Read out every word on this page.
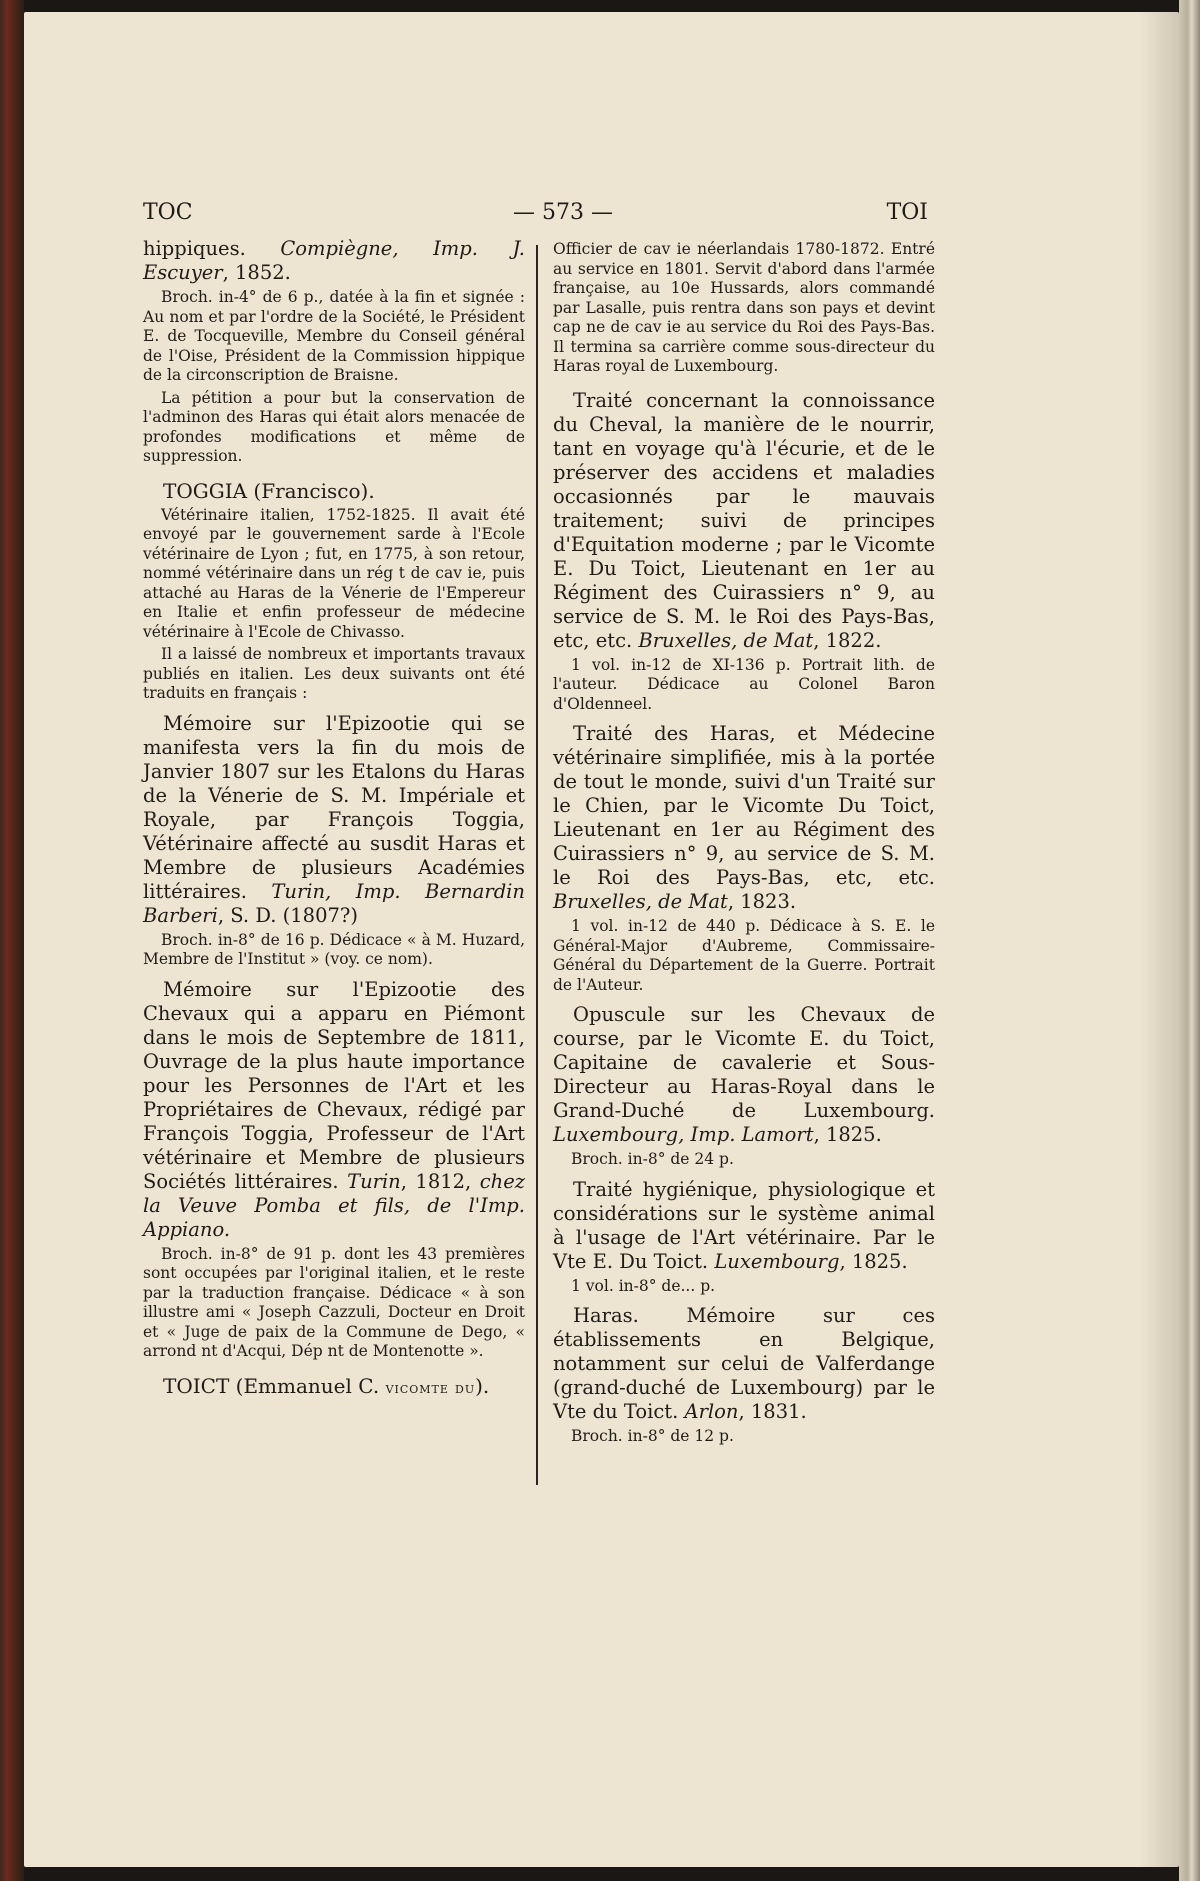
TOC	— 573 —	TOI

hippiques. Compiègne, Imp. J. Escuyer, 1852.

Broch. in-4° de 6 p., datée à la fin et signée : Au nom et par l'ordre de la Société, le Président E. de Tocqueville, Membre du Conseil général de l'Oise, Président de la Commission hippique de la circonscription de Braisne.

La pétition a pour but la conservation de l'adminon des Haras qui était alors menacée de profondes modifications et même de suppression.

TOGGIA (Francisco).

Vétérinaire italien, 1752-1825. Il avait été envoyé par le gouvernement sarde à l'Ecole vétérinaire de Lyon ; fut, en 1775, à son retour, nommé vétérinaire dans un rég t de cav ie, puis attaché au Haras de la Vénerie de l'Empereur en Italie et enfin professeur de médecine vétérinaire à l'Ecole de Chivasso.

Il a laissé de nombreux et importants travaux publiés en italien. Les deux suivants ont été traduits en français :

Mémoire sur l'Epizootie qui se manifesta vers la fin du mois de Janvier 1807 sur les Etalons du Haras de la Vénerie de S. M. Impériale et Royale, par François Toggia, Vétérinaire affecté au susdit Haras et Membre de plusieurs Académies littéraires. Turin, Imp. Bernardin Barberi, S. D. (1807?)

Broch. in-8° de 16 p. Dédicace « à M. Huzard, Membre de l'Institut » (voy. ce nom).

Mémoire sur l'Epizootie des Chevaux qui a apparu en Piémont dans le mois de Septembre de 1811, Ouvrage de la plus haute importance pour les Personnes de l'Art et les Propriétaires de Chevaux, rédigé par François Toggia, Professeur de l'Art vétérinaire et Membre de plusieurs Sociétés littéraires. Turin, 1812, chez la Veuve Pomba et fils, de l'Imp. Appiano.

Broch. in-8° de 91 p. dont les 43 premières sont occupées par l'original italien, et le reste par la traduction française. Dédicace « à son illustre ami « Joseph Cazzuli, Docteur en Droit et « Juge de paix de la Commune de Dego, « arrond nt d'Acqui, Dép nt de Montenotte ».

TOICT (Emmanuel C. vicomte du).

Officier de cav ie néerlandais 1780-1872. Entré au service en 1801. Servit d'abord dans l'armée française, au 10e Hussards, alors commandé par Lasalle, puis rentra dans son pays et devint cap ne de cav ie au service du Roi des Pays-Bas. Il termina sa carrière comme sous-directeur du Haras royal de Luxembourg.

Traité concernant la connoissance du Cheval, la manière de le nourrir, tant en voyage qu'à l'écurie, et de le préserver des accidens et maladies occasionnés par le mauvais traitement; suivi de principes d'Equitation moderne ; par le Vicomte E. Du Toict, Lieutenant en 1er au Régiment des Cuirassiers n° 9, au service de S. M. le Roi des Pays-Bas, etc, etc. Bruxelles, de Mat, 1822.

1 vol. in-12 de XI-136 p. Portrait lith. de l'auteur. Dédicace au Colonel Baron d'Oldenneel.

Traité des Haras, et Médecine vétérinaire simplifiée, mis à la portée de tout le monde, suivi d'un Traité sur le Chien, par le Vicomte Du Toict, Lieutenant en 1er au Régiment des Cuirassiers n° 9, au service de S. M. le Roi des Pays-Bas, etc, etc. Bruxelles, de Mat, 1823.

1 vol. in-12 de 440 p. Dédicace à S. E. le Général-Major d'Aubreme, Commissaire-Général du Département de la Guerre. Portrait de l'Auteur.

Opuscule sur les Chevaux de course, par le Vicomte E. du Toict, Capitaine de cavalerie et Sous-Directeur au Haras-Royal dans le Grand-Duché de Luxembourg. Luxembourg, Imp. Lamort, 1825.

Broch. in-8° de 24 p.

Traité hygiénique, physiologique et considérations sur le système animal à l'usage de l'Art vétérinaire. Par le Vte E. Du Toict. Luxembourg, 1825.

1 vol. in-8° de... p.

Haras. Mémoire sur ces établissements en Belgique, notamment sur celui de Valferdange (grand-duché de Luxembourg) par le Vte du Toict. Arlon, 1831.

Broch. in-8° de 12 p.
